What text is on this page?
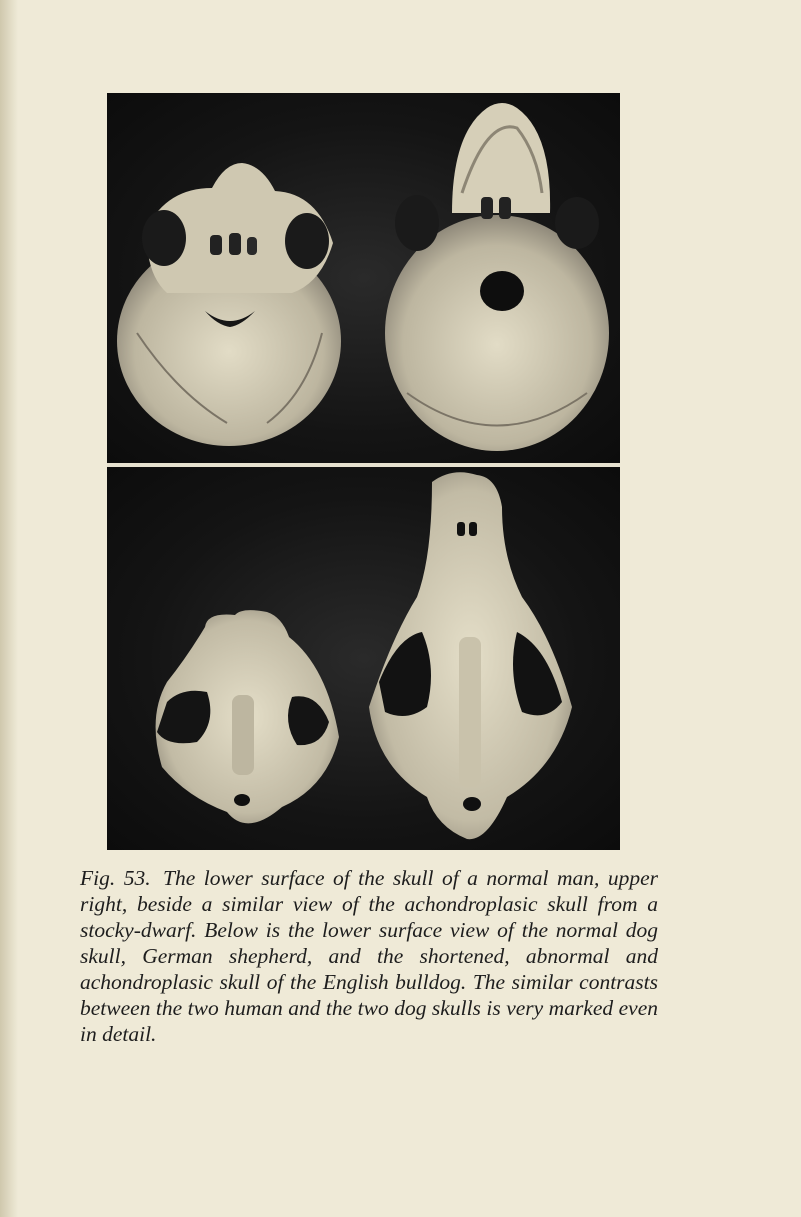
Fig. 53. The lower surface of the skull of a normal man, upper right, beside a similar view of the achondroplasic skull from a stocky-dwarf. Below is the lower surface view of the normal dog skull, German shepherd, and the shortened, abnormal and achondroplasic skull of the English bulldog. The similar contrasts between the two human and the two dog skulls is very marked even in detail.
